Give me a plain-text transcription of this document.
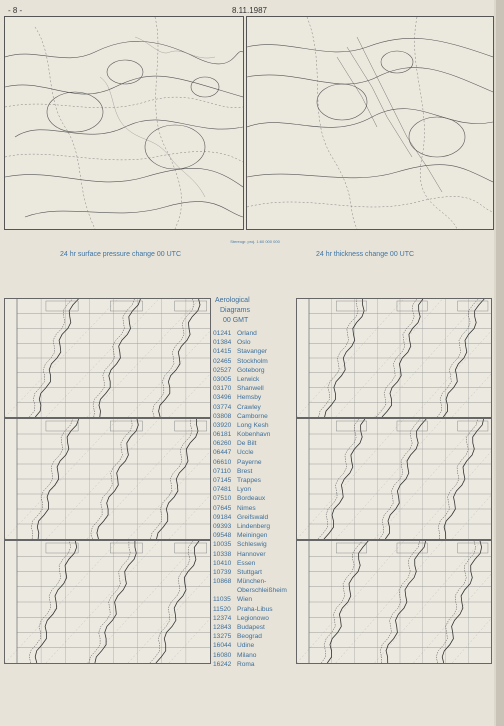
- 8 -	8.11.1987
Stereogr. proj. 1:60 000 000
24 hr surface pressure change 00 UTC	24 hr thickness change 00 UTC
Aerological
Diagrams
00 GMT
01241 Orland
01384 Oslo
01415 Stavanger
02465 Stockholm
02527 Goteborg
03005 Lerwick
03170 Shanwell
03496 Hemsby
03774 Crawley
03808 Camborne
03920 Long Kesh
06181 Kobenhavn
06260 De Bilt
06447 Uccle
06610 Payerne
07110 Brest
07145 Trappes
07481 Lyon
07510 Bordeaux
07645 Nimes
09184 Greifswald
09393 Lindenberg
09548 Meiningen
10035 Schleswig
10338 Hannover
10410 Essen
10739 Stuttgart
10868 München-
Oberschleißheim
11035 Wien
11520 Praha-Libus
12374 Legionowo
12843 Budapest
13275 Beograd
16044 Udine
16080 Milano
16242 Roma
